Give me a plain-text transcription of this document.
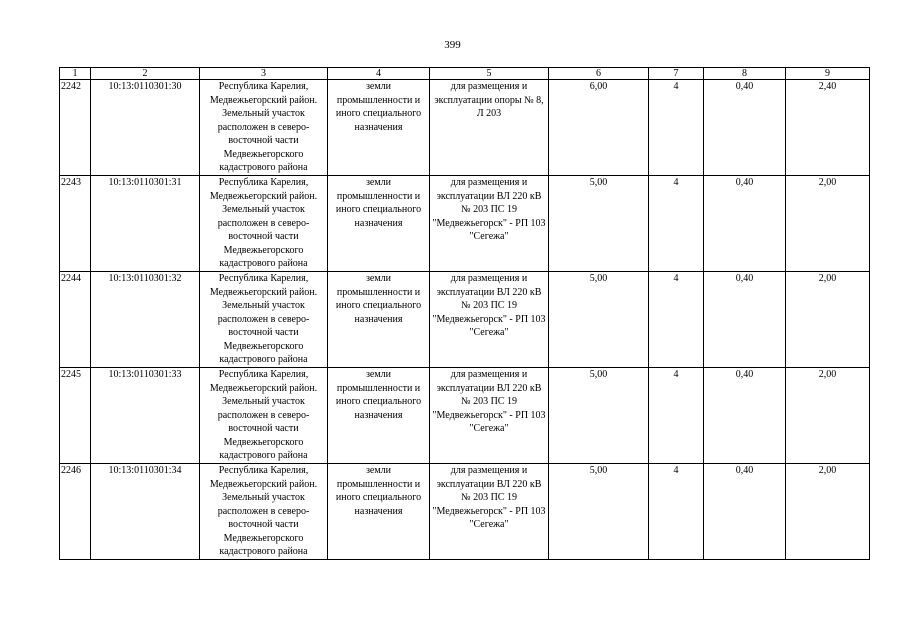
399
1	2	3	4	5	6	7	8	9
2242	10:13:0110301:30	Республика Карелия, Медвежьегорский район. Земельный участок расположен в северо-восточной части Медвежьегорского кадастрового района	земли промышленности и иного специального назначения	для размещения и эксплуатации опоры № 8, Л 203	6,00	4	0,40	2,40
2243	10:13:0110301:31	Республика Карелия, Медвежьегорский район. Земельный участок расположен в северо-восточной части Медвежьегорского кадастрового района	земли промышленности и иного специального назначения	для размещения и эксплуатации ВЛ 220 кВ № 203 ПС 19 "Медвежьегорск" - РП 103 "Сегежа"	5,00	4	0,40	2,00
2244	10:13:0110301:32	Республика Карелия, Медвежьегорский район. Земельный участок расположен в северо-восточной части Медвежьегорского кадастрового района	земли промышленности и иного специального назначения	для размещения и эксплуатации ВЛ 220 кВ № 203 ПС 19 "Медвежьегорск" - РП 103 "Сегежа"	5,00	4	0,40	2,00
2245	10:13:0110301:33	Республика Карелия, Медвежьегорский район. Земельный участок расположен в северо-восточной части Медвежьегорского кадастрового района	земли промышленности и иного специального назначения	для размещения и эксплуатации ВЛ 220 кВ № 203 ПС 19 "Медвежьегорск" - РП 103 "Сегежа"	5,00	4	0,40	2,00
2246	10:13:0110301:34	Республика Карелия, Медвежьегорский район. Земельный участок расположен в северо-восточной части Медвежьегорского кадастрового района	земли промышленности и иного специального назначения	для размещения и эксплуатации ВЛ 220 кВ № 203 ПС 19 "Медвежьегорск" - РП 103 "Сегежа"	5,00	4	0,40	2,00
